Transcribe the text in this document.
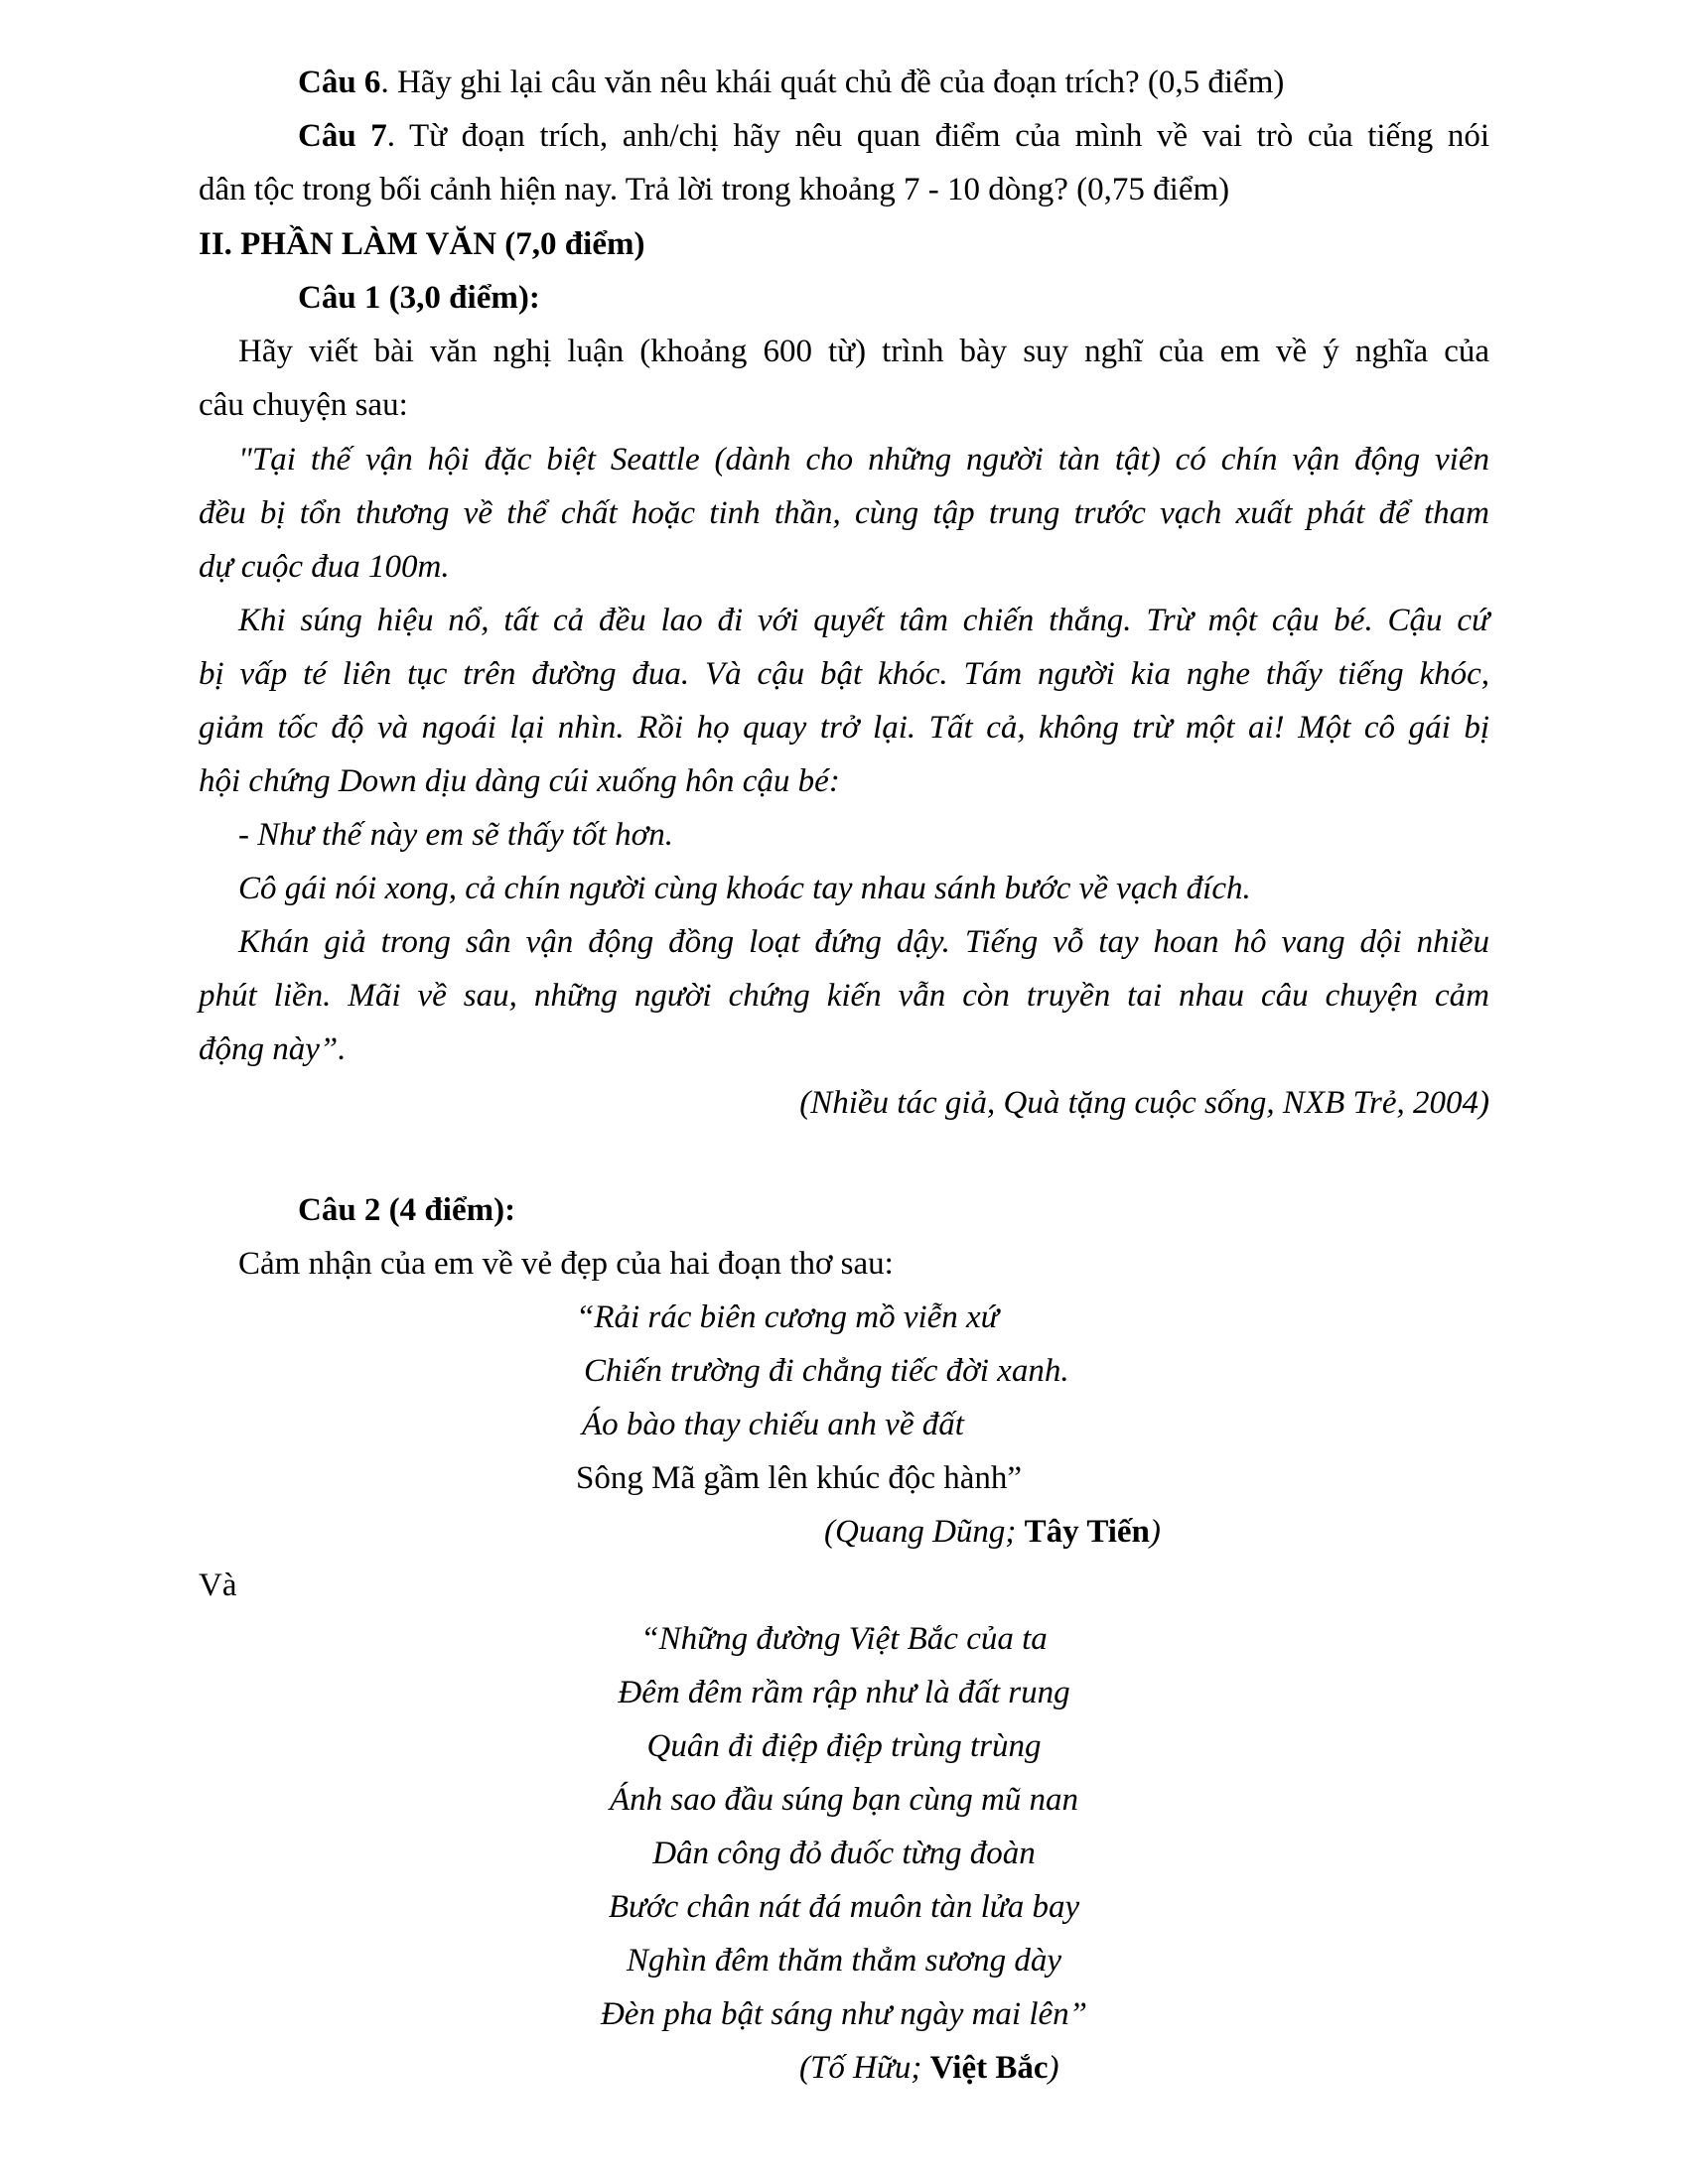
Câu 6. Hãy ghi lại câu văn nêu khái quát chủ đề của đoạn trích? (0,5 điểm)
Câu 7. Từ đoạn trích, anh/chị hãy nêu quan điểm của mình về vai trò của tiếng nói
dân tộc trong bối cảnh hiện nay. Trả lời trong khoảng 7 - 10 dòng? (0,75 điểm)
II. PHẦN LÀM VĂN (7,0 điểm)
Câu 1 (3,0 điểm):
Hãy viết bài văn nghị luận (khoảng 600 từ) trình bày suy nghĩ của em về ý nghĩa của
câu chuyện sau:
"Tại thế vận hội đặc biệt Seattle (dành cho những người tàn tật) có chín vận động viên
đều bị tổn thương về thể chất hoặc tinh thần, cùng tập trung trước vạch xuất phát để tham
dự cuộc đua 100m.
Khi súng hiệu nổ, tất cả đều lao đi với quyết tâm chiến thắng. Trừ một cậu bé. Cậu cứ
bị vấp té liên tục trên đường đua. Và cậu bật khóc. Tám người kia nghe thấy tiếng khóc,
giảm tốc độ và ngoái lại nhìn. Rồi họ quay trở lại. Tất cả, không trừ một ai! Một cô gái bị
hội chứng Down dịu dàng cúi xuống hôn cậu bé:
- Như thế này em sẽ thấy tốt hơn.
Cô gái nói xong, cả chín người cùng khoác tay nhau sánh bước về vạch đích.
Khán giả trong sân vận động đồng loạt đứng dậy. Tiếng vỗ tay hoan hô vang dội nhiều
phút liền. Mãi về sau, những người chứng kiến vẫn còn truyền tai nhau câu chuyện cảm
động này”.
(Nhiều tác giả, Quà tặng cuộc sống, NXB Trẻ, 2004)
Câu 2 (4 điểm):
Cảm nhận của em về vẻ đẹp của hai đoạn thơ sau:
“Rải rác biên cương mồ viễn xứ
Chiến trường đi chẳng tiếc đời xanh.
Áo bào thay chiếu anh về đất
Sông Mã gầm lên khúc độc hành”
(Quang Dũng; Tây Tiến)
Và
“Những đường Việt Bắc của ta
Đêm đêm rầm rập như là đất rung
Quân đi điệp điệp trùng trùng
Ánh sao đầu súng bạn cùng mũ nan
Dân công đỏ đuốc từng đoàn
Bước chân nát đá muôn tàn lửa bay
Nghìn đêm thăm thẳm sương dày
Đèn pha bật sáng như ngày mai lên”
(Tố Hữu; Việt Bắc)
